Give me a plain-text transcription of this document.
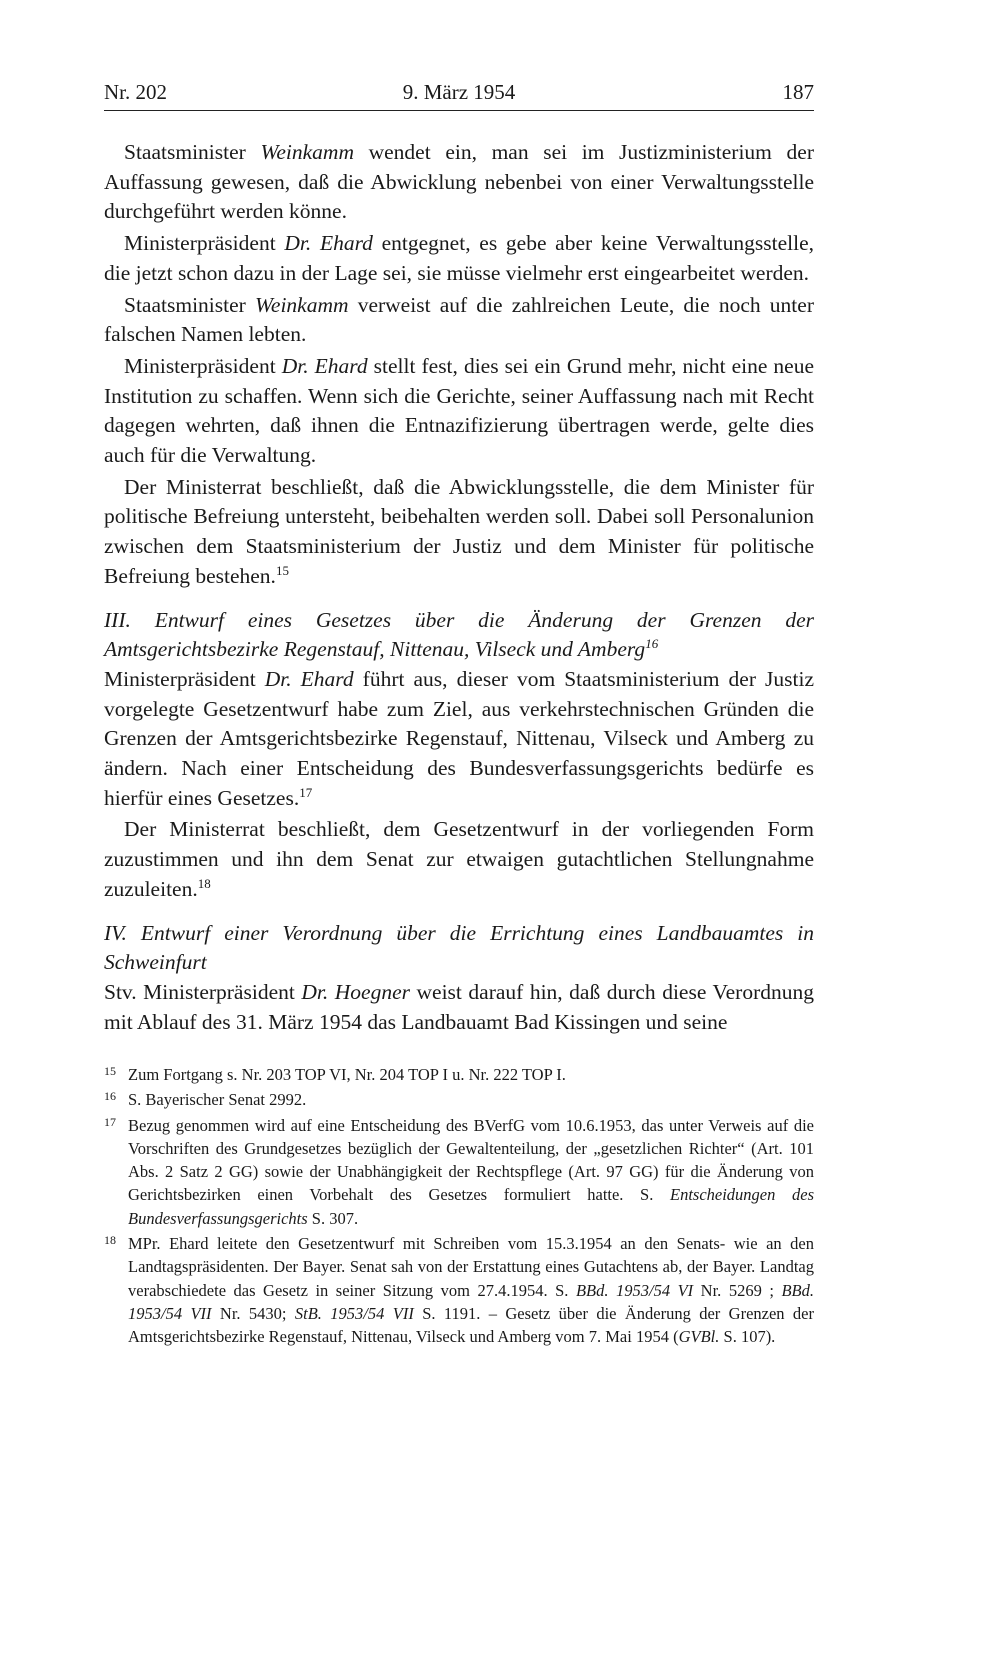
Nr. 202	9. März 1954	187

Staatsminister Weinkamm wendet ein, man sei im Justizministerium der Auffassung gewesen, daß die Abwicklung nebenbei von einer Verwaltungsstelle durchgeführt werden könne.

Ministerpräsident Dr. Ehard entgegnet, es gebe aber keine Verwaltungsstelle, die jetzt schon dazu in der Lage sei, sie müsse vielmehr erst eingearbeitet werden.

Staatsminister Weinkamm verweist auf die zahlreichen Leute, die noch unter falschen Namen lebten.

Ministerpräsident Dr. Ehard stellt fest, dies sei ein Grund mehr, nicht eine neue Institution zu schaffen. Wenn sich die Gerichte, seiner Auffassung nach mit Recht dagegen wehrten, daß ihnen die Entnazifizierung übertragen werde, gelte dies auch für die Verwaltung.

Der Ministerrat beschließt, daß die Abwicklungsstelle, die dem Minister für politische Befreiung untersteht, beibehalten werden soll. Dabei soll Personalunion zwischen dem Staatsministerium der Justiz und dem Minister für politische Befreiung bestehen.$^{15}$

III. Entwurf eines Gesetzes über die Änderung der Grenzen der Amtsgerichtsbezirke Regenstauf, Nittenau, Vilseck und Amberg$^{16}$

Ministerpräsident Dr. Ehard führt aus, dieser vom Staatsministerium der Justiz vorgelegte Gesetzentwurf habe zum Ziel, aus verkehrstechnischen Gründen die Grenzen der Amtsgerichtsbezirke Regenstauf, Nittenau, Vilseck und Amberg zu ändern. Nach einer Entscheidung des Bundesverfassungsgerichts bedürfe es hierfür eines Gesetzes.$^{17}$

Der Ministerrat beschließt, dem Gesetzentwurf in der vorliegenden Form zuzustimmen und ihn dem Senat zur etwaigen gutachtlichen Stellungnahme zuzuleiten.$^{18}$

IV. Entwurf einer Verordnung über die Errichtung eines Landbauamtes in Schweinfurt

Stv. Ministerpräsident Dr. Hoegner weist darauf hin, daß durch diese Verordnung mit Ablauf des 31. März 1954 das Landbauamt Bad Kissingen und seine

15 Zum Fortgang s. Nr. 203 TOP VI, Nr. 204 TOP I u. Nr. 222 TOP I.
16 S. Bayerischer Senat 2992.
17 Bezug genommen wird auf eine Entscheidung des BVerfG vom 10.6.1953, das unter Verweis auf die Vorschriften des Grundgesetzes bezüglich der Gewaltenteilung, der „gesetzlichen Richter“ (Art. 101 Abs. 2 Satz 2 GG) sowie der Unabhängigkeit der Rechtspflege (Art. 97 GG) für die Änderung von Gerichtsbezirken einen Vorbehalt des Gesetzes formuliert hatte. S. Entscheidungen des Bundesverfassungsgerichts S. 307.
18 MPr. Ehard leitete den Gesetzentwurf mit Schreiben vom 15.3.1954 an den Senats- wie an den Landtagspräsidenten. Der Bayer. Senat sah von der Erstattung eines Gutachtens ab, der Bayer. Landtag verabschiedete das Gesetz in seiner Sitzung vom 27.4.1954. S. BBd. 1953/54 VI Nr. 5269 ; BBd. 1953/54 VII Nr. 5430; StB. 1953/54 VII S. 1191. – Gesetz über die Änderung der Grenzen der Amtsgerichtsbezirke Regenstauf, Nittenau, Vilseck und Amberg vom 7. Mai 1954 (GVBl. S. 107).
